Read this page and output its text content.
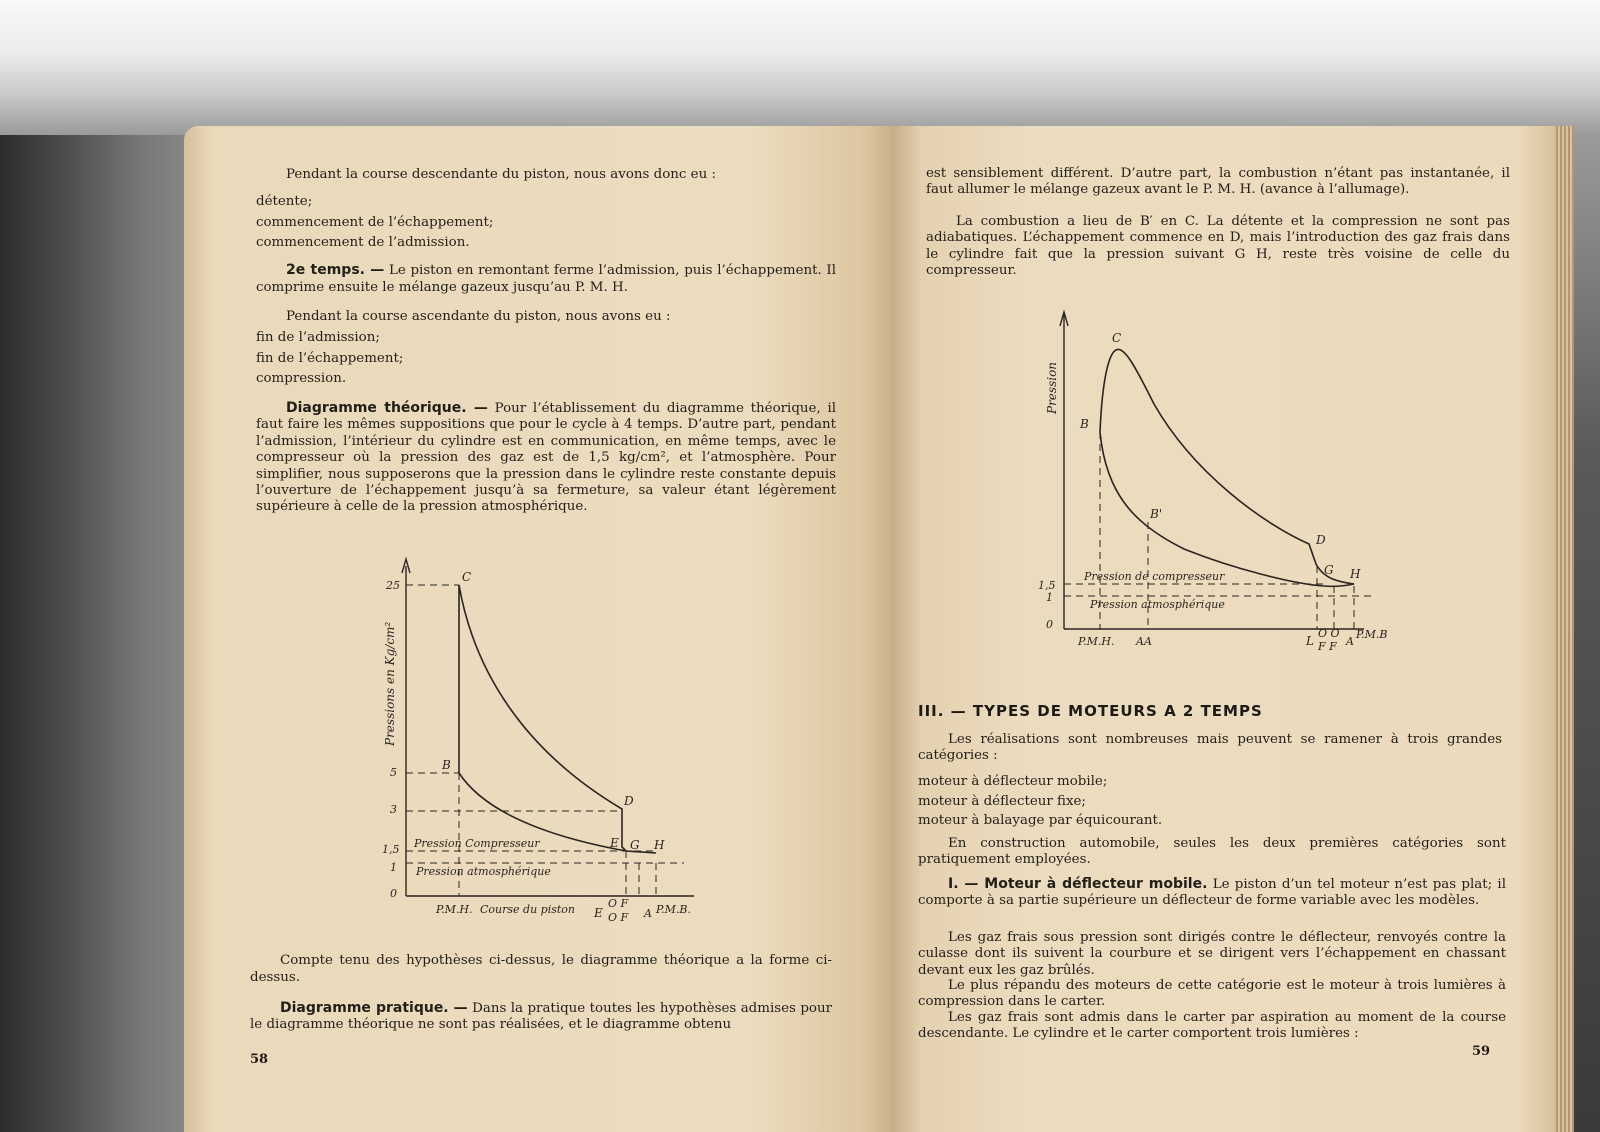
Pendant la course descendante du piston, nous avons donc eu :

détente;
commencement de l’échappement;
commencement de l’admission.

2e temps. — Le piston en remontant ferme l’admission, puis l’échappement. Il comprime ensuite le mélange gazeux jusqu’au P. M. H.

Pendant la course ascendante du piston, nous avons eu :

fin de l’admission;
fin de l’échappement;
compression.

Diagramme théorique. — Pour l’établissement du diagramme théorique, il faut faire les mêmes suppositions que pour le cycle à 4 temps. D’autre part, pendant l’admission, l’intérieur du cylindre est en communication, en même temps, avec le compresseur où la pression des gaz est de 1,5 kg/cm², et l’atmosphère. Pour simplifier, nous supposerons que la pression dans le cylindre reste constante depuis l’ouverture de l’échappement jusqu’à sa fermeture, sa valeur étant légèrement supérieure à celle de la pression atmosphérique.

Pressions en Kg/cm²
25
5
3
1,5
1
0
C
B
D
E G H
Pression Compresseur
Pression atmosphérique
P.M.H. Course du piston E
O F
O F A P.M.B.

Compte tenu des hypothèses ci-dessus, le diagramme théorique a la forme ci-dessus.

Diagramme pratique. — Dans la pratique toutes les hypothèses admises pour le diagramme théorique ne sont pas réalisées, et le diagramme obtenu

58

est sensiblement différent. D’autre part, la combustion n’étant pas instantanée, il faut allumer le mélange gazeux avant le P. M. H. (avance à l’allumage).

La combustion a lieu de B′ en C. La détente et la compression ne sont pas adiabatiques. L’échappement commence en D, mais l’introduction des gaz frais dans le cylindre fait que la pression suivant G H, reste très voisine de celle du compresseur.

Pression
1,5
1
0
C
B
B'
D
G H
Pression de compresseur
Pression atmosphérique
P.M.H. AA	L
O O
F F A
P.M.B
III. — TYPES DE MOTEURS A 2 TEMPS

Les réalisations sont nombreuses mais peuvent se ramener à trois grandes catégories :

moteur à déflecteur mobile;
moteur à déflecteur fixe;
moteur à balayage par équicourant.

En construction automobile, seules les deux premières catégories sont pratiquement employées.

I. — Moteur à déflecteur mobile. Le piston d’un tel moteur n’est pas plat; il comporte à sa partie supérieure un déflecteur de forme variable avec les modèles.

Les gaz frais sous pression sont dirigés contre le déflecteur, renvoyés contre la culasse dont ils suivent la courbure et se dirigent vers l’échappement en chassant devant eux les gaz brûlés.

Le plus répandu des moteurs de cette catégorie est le moteur à trois lumières à compression dans le carter.

Les gaz frais sont admis dans le carter par aspiration au moment de la course descendante. Le cylindre et le carter comportent trois lumières :

59
